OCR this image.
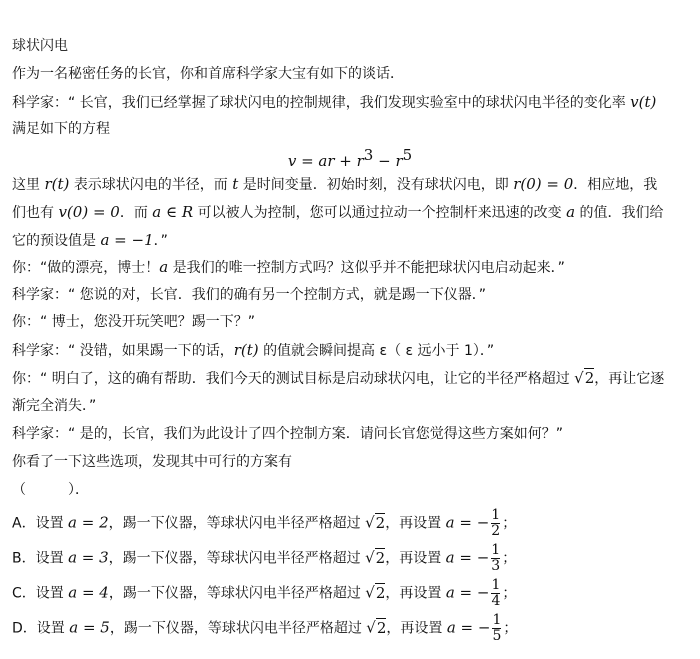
球状闪电
作为一名秘密任务的长官，你和首席科学家大宝有如下的谈话．
科学家：“ 长官，我们已经掌握了球状闪电的控制规律，我们发现实验室中的球状闪电半径的变化率 v(t)
满足如下的方程
v = ar + $r^3 - r^5$
这里 r(t) 表示球状闪电的半径，而 t 是时间变量．初始时刻，没有球状闪电，即 r(0) = 0．相应地，我
们也有 v(0) = 0．而 a ∈ R 可以被人为控制，您可以通过拉动一个控制杆来迅速的改变 a 的值．我们给
它的预设值是 a = −1．”
你：“做的漂亮，博士！a 是我们的唯一控制方式吗？这似乎并不能把球状闪电启动起来．”
科学家：“ 您说的对，长官．我们的确有另一个控制方式，就是踢一下仪器．”
你：“ 博士，您没开玩笑吧？踢一下？”
科学家：“ 没错，如果踢一下的话，r(t) 的值就会瞬间提高 ε（ ε 远小于 1）．”
你：“ 明白了，这的确有帮助．我们今天的测试目标是启动球状闪电，让它的半径严格超过 √2，再让它逐
渐完全消失．”
科学家：“ 是的，长官，我们为此设计了四个控制方案．请问长官您觉得这些方案如何？”
你看了一下这些选项，发现其中可行的方案有
（　　　）．
A．设置 a = 2，踢一下仪器，等球状闪电半径严格超过 √2，再设置 a = − $\frac{1}{2}$ ；
B．设置 a = 3，踢一下仪器，等球状闪电半径严格超过 √2，再设置 a = − $\frac{1}{3}$ ；
C．设置 a = 4，踢一下仪器，等球状闪电半径严格超过 √2，再设置 a = − $\frac{1}{4}$ ；
D．设置 a = 5，踢一下仪器，等球状闪电半径严格超过 √2，再设置 a = − $\frac{1}{5}$ ；
